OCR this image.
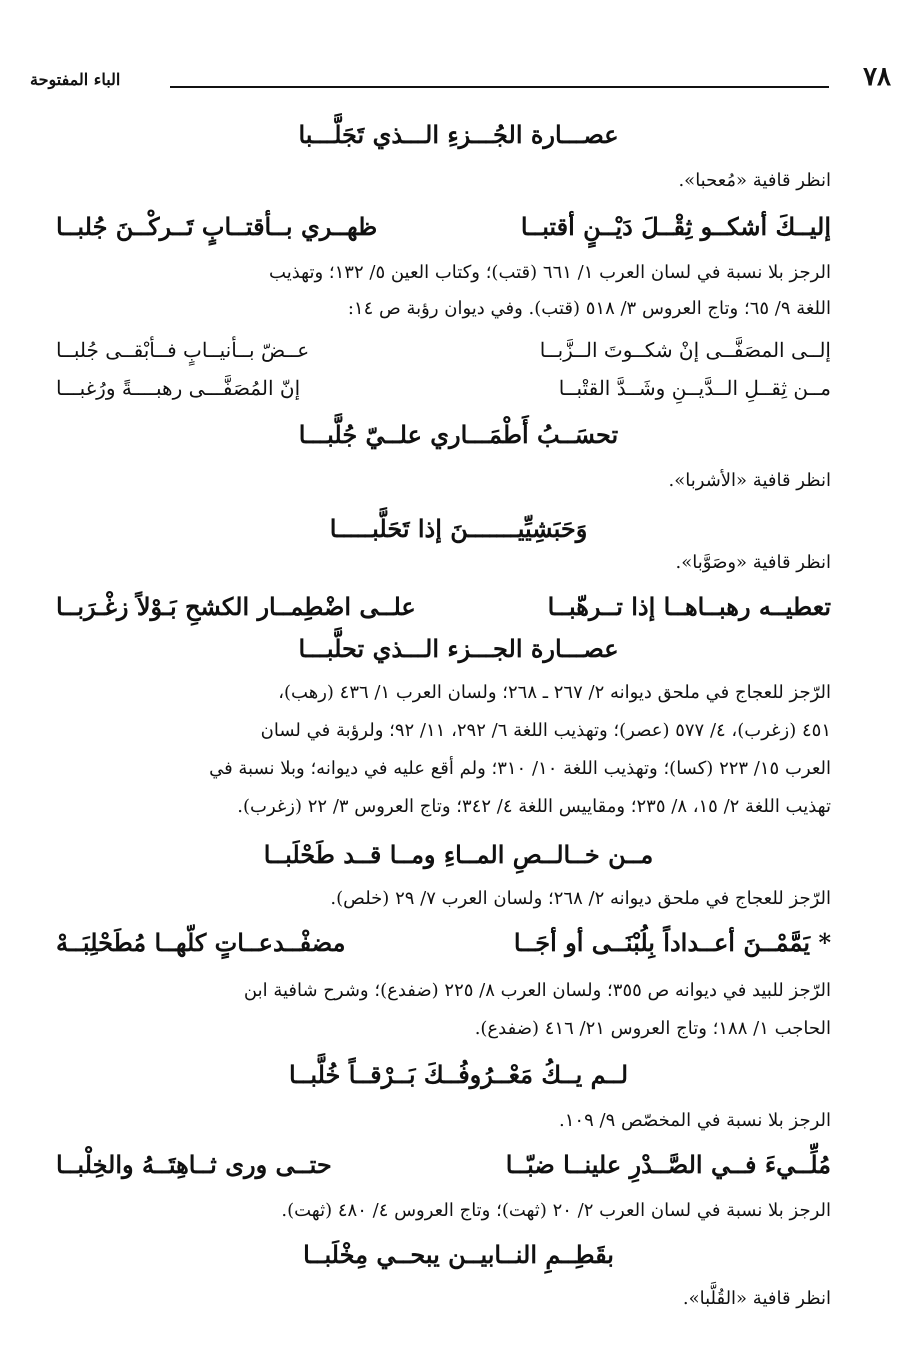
٧٨
الباء المفتوحة
عصـــارة الجُـــزءِ الـــذي تَجَلَّـــبا
انظر قافية «مُعحبا».
إليــكَ أشكــو ثِقْــلَ دَيْــنٍ أقتبــا
ظهــري بــأقتــابٍ تَــركْــنَ جُلبــا
الرجز بلا نسبة في لسان العرب ١/ ٦٦١ (قتب)؛ وكتاب العين ٥/ ١٣٢؛ وتهذيب
اللغة ٩/ ٦٥؛ وتاج العروس ٣/ ٥١٨ (قتب). وفي ديوان رؤبة ص ١٤:
إلــى المصَفَّــى إنْ شكــوتَ الــزَّبــا
عــضّ بــأنيــابٍ فــأبْقــى جُلبــا
مــن ثِقــلِ الــدَّيــنِ وشَــدَّ القتْبــا
إنّ المُصَفَّـــى رهبــــةً ورُغبـــا
تحسَــبُ أَطْمَـــاري علــيّ جُلَّبـــا
انظر قافية «الأشربا».
وَحَبَشِيِّيـــــــنَ إذا تَحَلَّبـــــا
انظر قافية «وصَوَّبا».
تعطيــه رهبــاهــا إذا تــرهّبــا
علــى اضْطِمــار الكشحِ بَـوْلاً زغْـرَبــا
عصـــارة الجـــزء الـــذي تحلَّبـــا
الرّجز للعجاج في ملحق ديوانه ٢/ ٢٦٧ ـ ٢٦٨؛ ولسان العرب ١/ ٤٣٦ (رهب)،
٤٥١ (زغرب)، ٤/ ٥٧٧ (عصر)؛ وتهذيب اللغة ٦/ ٢٩٢، ١١/ ٩٢؛ ولرؤبة في لسان
العرب ١٥/ ٢٢٣ (كسا)؛ وتهذيب اللغة ١٠/ ٣١٠؛ ولم أقع عليه في ديوانه؛ وبلا نسبة في
تهذيب اللغة ٢/ ١٥، ٨/ ٢٣٥؛ ومقاييس اللغة ٤/ ٣٤٢؛ وتاج العروس ٣/ ٢٢ (زغرب).
مــن خــالــصِ المــاءِ ومــا قــد طَحْلَبــا
الرّجز للعجاج في ملحق ديوانه ٢/ ٢٦٨؛ ولسان العرب ٧/ ٢٩ (خلص).
* يَمَّمْــنَ أعــداداً بِلُبْنَــى أو أجَــا
مضفْــدعــاتٍ كلّهــا مُطَحْلِبَــهْ
الرّجز للبيد في ديوانه ص ٣٥٥؛ ولسان العرب ٨/ ٢٢٥ (ضفدع)؛ وشرح شافية ابن
الحاجب ١/ ١٨٨؛ وتاج العروس ٢١/ ٤١٦ (ضفدع).
لــم يــكُ مَعْــرُوفُــكَ بَــرْقــاً خُلَّبــا
الرجز بلا نسبة في المخصّص ٩/ ١٠٩.
مُلِّــيءَ فــي الصَّــدْرِ علينــا ضبّــا
حتــى ورى ثــاهِتَــهُ والخِلْبــا
الرجز بلا نسبة في لسان العرب ٢/ ٢٠ (ثهت)؛ وتاج العروس ٤/ ٤٨٠ (ثهت).
بقَطِــمِ النــابيــن يبحــي مِخْلَبــا
انظر قافية «القُلَّبا».
